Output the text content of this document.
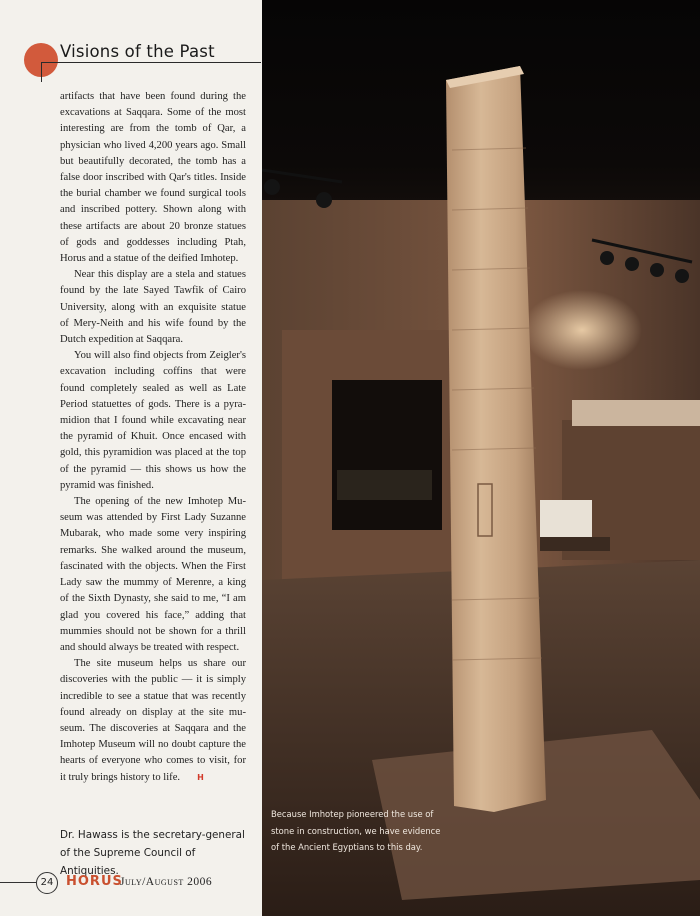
Visions of the Past

artifacts that have been found during the excavations at Saqqara. Some of the most interesting are from the tomb of Qar, a physician who lived 4,200 years ago. Small but beautifully decorated, the tomb has a false door inscribed with Qar's titles. Inside the burial chamber we found surgical tools and inscribed pottery. Shown along with these artifacts are about 20 bronze statues of gods and goddesses including Ptah, Horus and a statue of the deified Imhotep.

Near this display are a stela and statues found by the late Sayed Tawfik of Cairo University, along with an exquisite statue of Mery-Neith and his wife found by the Dutch expedition at Saqqara.

You will also find objects from Zeigler's excavation including coffins that were found completely sealed as well as Late Period statuettes of gods. There is a pyramidion that I found while excavating near the pyramid of Khuit. Once encased with gold, this pyramidion was placed at the top of the pyramid — this shows us how the pyramid was finished.

The opening of the new Imhotep Museum was attended by First Lady Suzanne Mubarak, who made some very inspiring remarks. She walked around the museum, fascinated with the objects. When the First Lady saw the mummy of Merenre, a king of the Sixth Dynasty, she said to me, “I am glad you covered his face,” adding that mummies should not be shown for a thrill and should always be treated with respect.

The site museum helps us share our discoveries with the public — it is simply incredible to see a statue that was recently found already on display at the site museum. The discoveries at Saqqara and the Imhotep Museum will no doubt capture the hearts of everyone who comes to visit, for it truly brings history to life. H

Dr. Hawass is the secretary-general of the Supreme Council of Antiquities.
24 HORUS
July/August 2006
Because Imhotep pioneered the use of stone in construction, we have evidence of the Ancient Egyptians to this day.
